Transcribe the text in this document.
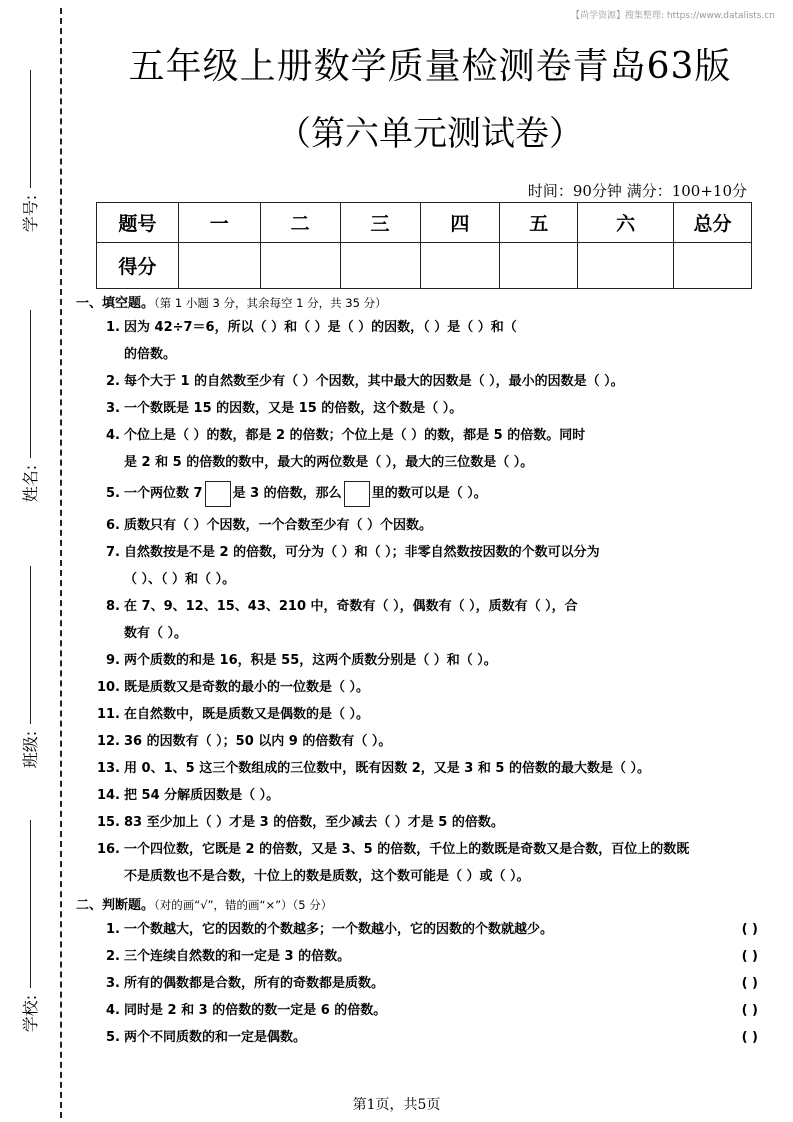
【尚学资源】搜集整理: https://www.datalists.cn
学号:
姓名:
班级:
学校:
五年级上册数学质量检测卷青岛63版
（第六单元测试卷）
时间：90分钟 满分：100+10分
题号	一	二	三	四	五	六	总分
得分							
一、填空题。（第 1 小题 3 分，其余每空 1 分，共 35 分）
1. 因为 42÷7＝6，所以（ ）和（ ）是（ ）的因数，（ ）是（ ）和（
的倍数。
2. 每个大于 1 的自然数至少有（ ）个因数，其中最大的因数是（ ），最小的因数是（ ）。
3. 一个数既是 15 的因数，又是 15 的倍数，这个数是（ ）。
4. 个位上是（ ）的数，都是 2 的倍数；个位上是（ ）的数，都是 5 的倍数。同时
是 2 和 5 的倍数的数中，最大的两位数是（ ），最大的三位数是（ ）。
5. 一个两位数 7 是 3 的倍数，那么 里的数可以是（ ）。
6. 质数只有（ ）个因数，一个合数至少有（ ）个因数。
7. 自然数按是不是 2 的倍数，可分为（ ）和（ ）；非零自然数按因数的个数可以分为
（ ）、（ ）和（ ）。
8. 在 7、9、12、15、43、210 中，奇数有（ ），偶数有（ ），质数有（ ），合
数有（ ）。
9. 两个质数的和是 16，积是 55，这两个质数分别是（ ）和（ ）。
10. 既是质数又是奇数的最小的一位数是（ ）。
11. 在自然数中，既是质数又是偶数的是（ ）。
12. 36 的因数有（ ）；50 以内 9 的倍数有（ ）。
13. 用 0、1、5 这三个数组成的三位数中，既有因数 2，又是 3 和 5 的倍数的最大数是（ ）。
14. 把 54 分解质因数是（ ）。
15. 83 至少加上（ ）才是 3 的倍数，至少减去（ ）才是 5 的倍数。
16. 一个四位数，它既是 2 的倍数，又是 3、5 的倍数，千位上的数既是奇数又是合数，百位上的数既
不是质数也不是合数，十位上的数是质数，这个数可能是（ ）或（ ）。
二、判断题。（对的画“√”，错的画“×”）（5 分）
1. 一个数越大，它的因数的个数越多；一个数越小，它的因数的个数就越少。	( )
2. 三个连续自然数的和一定是 3 的倍数。	( )
3. 所有的偶数都是合数，所有的奇数都是质数。	( )
4. 同时是 2 和 3 的倍数的数一定是 6 的倍数。	( )
5. 两个不同质数的和一定是偶数。	( )
第1页，共5页
